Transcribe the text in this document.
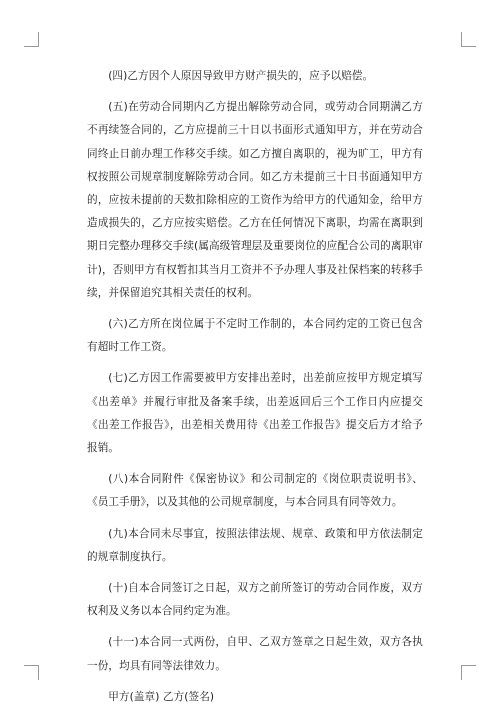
(四)乙方因个人原因导致甲方财产损失的，应予以赔偿。

(五)在劳动合同期内乙方提出解除劳动合同，或劳动合同期满乙方不再续签合同的，乙方应提前三十日以书面形式通知甲方，并在劳动合同终止日前办理工作移交手续。如乙方擅自离职的，视为旷工，甲方有权按照公司规章制度解除劳动合同。如乙方未提前三十日书面通知甲方的，应按未提前的天数扣除相应的工资作为给甲方的代通知金，给甲方造成损失的，乙方应按实赔偿。乙方在任何情况下离职，均需在离职到期日完整办理移交手续(属高级管理层及重要岗位的应配合公司的离职审计)，否则甲方有权暂扣其当月工资并不予办理人事及社保档案的转移手续，并保留追究其相关责任的权利。

(六)乙方所在岗位属于不定时工作制的，本合同约定的工资已包含有超时工作工资。

(七)乙方因工作需要被甲方安排出差时，出差前应按甲方规定填写《出差单》并履行审批及备案手续，出差返回后三个工作日内应提交《出差工作报告》，出差相关费用待《出差工作报告》提交后方才给予报销。

(八)本合同附件《保密协议》和公司制定的《岗位职责说明书》、《员工手册》，以及其他的公司规章制度，与本合同具有同等效力。

(九)本合同未尽事宜，按照法律法规、规章、政策和甲方依法制定的规章制度执行。

(十)自本合同签订之日起，双方之前所签订的劳动合同作废，双方权利及义务以本合同约定为准。

(十一)本合同一式两份，自甲、乙双方签章之日起生效，双方各执一份，均具有同等法律效力。

甲方(盖章) 乙方(签名)
